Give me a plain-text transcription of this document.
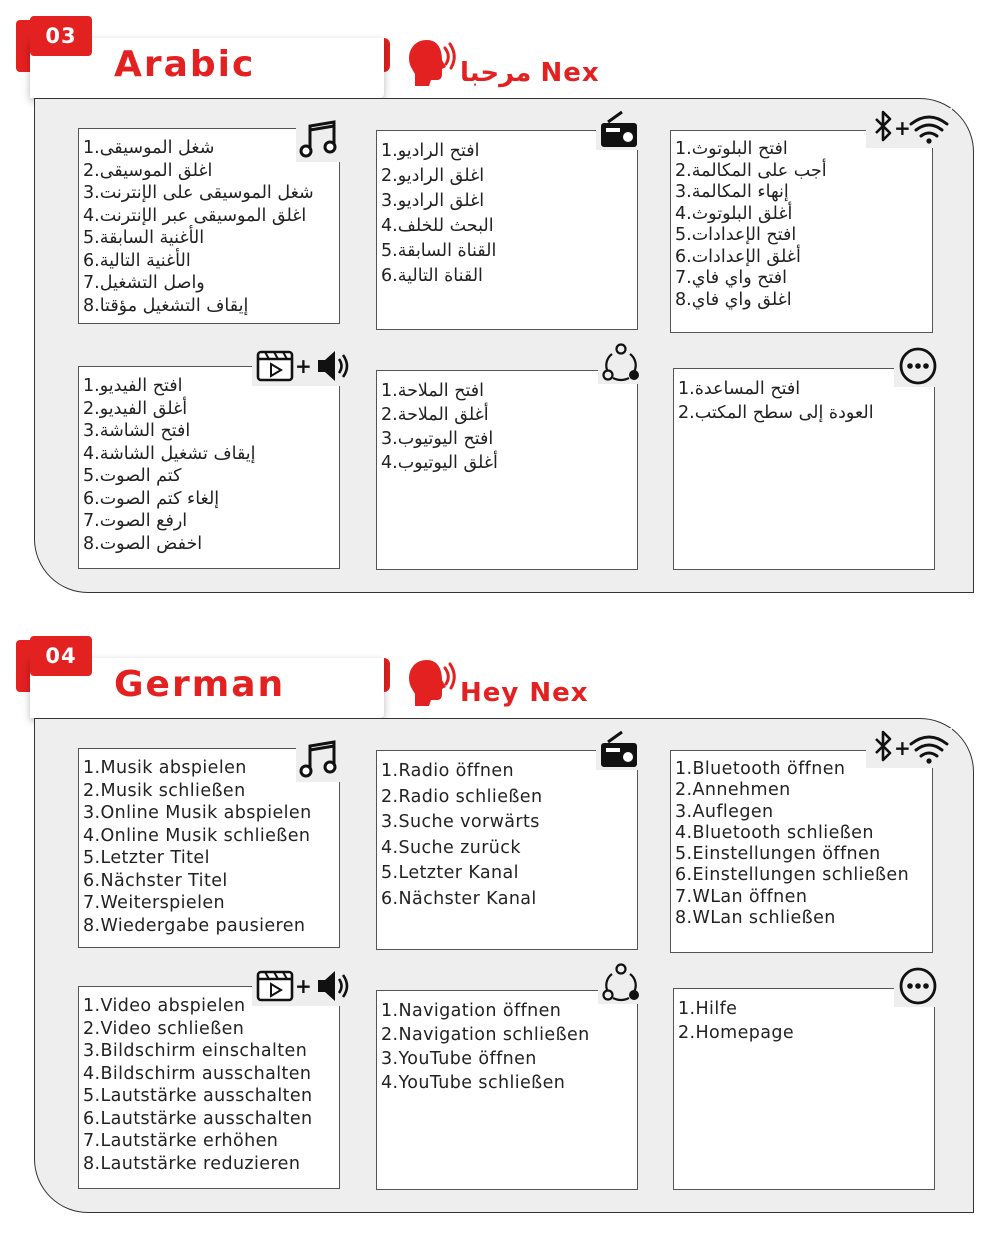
03
Arabic	مرحبا Nex
1.شغل الموسيقى
2.اغلق الموسيقى
3.شغل الموسيقى على الإنترنت
4.اغلق الموسيقى عبر الإنترنت
5.الأغنية السابقة
6.الأغنية التالية
7.واصل التشغيل
8.إيقاف التشغيل مؤقتا
1.افتح الراديو
2.اغلق الراديو
3.اغلق الراديو
4.البحث للخلف
5.القناة السابقة
6.القناة التالية
1.افتح البلوتوث
2.أجب على المكالمة
3.إنهاء المكالمة
4.أغلق البلوتوث
5.افتح الإعدادات
6.أغلق الإعدادات
7.افتح واي فاي
8.اغلق واي فاي
+
1.افتح الفيديو
2.أغلق الفيديو
3.افتح الشاشة
4.إيقاف تشغيل الشاشة
5.كتم الصوت
6.إلغاء كتم الصوت
7.ارفع الصوت
8.اخفض الصوت
+
1.افتح الملاحة
2.أغلق الملاحة
3.افتح اليوتيوب
4.أغلق اليوتيوب
1.افتح المساعدة
2.العودة إلى سطح المكتب
04
German	Hey Nex
1.Musik abspielen
2.Musik schließen
3.Online Musik abspielen
4.Online Musik schließen
5.Letzter Titel
6.Nächster Titel
7.Weiterspielen
8.Wiedergabe pausieren
1.Radio öffnen
2.Radio schließen
3.Suche vorwärts
4.Suche zurück
5.Letzter Kanal
6.Nächster Kanal
1.Bluetooth öffnen
2.Annehmen
3.Auflegen
4.Bluetooth schließen
5.Einstellungen öffnen
6.Einstellungen schließen
7.WLan öffnen
8.WLan schließen
+
1.Video abspielen
2.Video schließen
3.Bildschirm einschalten
4.Bildschirm ausschalten
5.Lautstärke ausschalten
6.Lautstärke ausschalten
7.Lautstärke erhöhen
8.Lautstärke reduzieren
+
1.Navigation öffnen
2.Navigation schließen
3.YouTube öffnen
4.YouTube schließen
1.Hilfe
2.Homepage
